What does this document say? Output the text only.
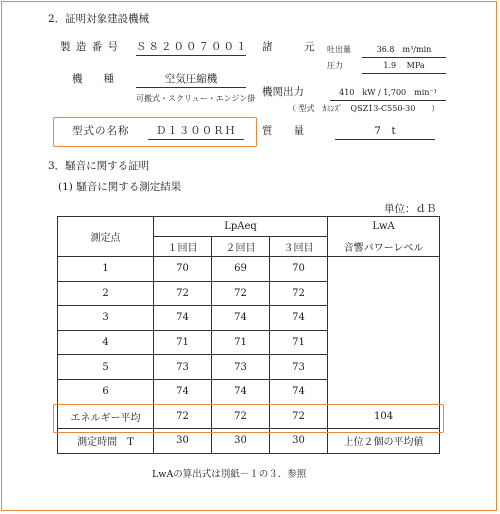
2．証明対象建設機械
製 造 番 号 Ｓ８２００７００１ 諸　　　元 吐出量	36.8　m³/min
圧力	1.9　 MPa
機　　種	空気圧縮機
可搬式・スクリュー・エンジン掛
機関出力	410　kW / 1,700　min⁻¹
（ 型式　ｶﾐﾝｽﾞ　QSZ13-C550-30　　）
型式の名称	Ｄ１３００ＲＨ	質　　量	7　t
3．騒音に関する証明
(1) 騒音に関する測定結果
単位：ｄＢ
測定点	LpAeq			LwA
	１回目	２回目	３回目	音響パワーレベル
1	70	69	70	
2	72	72	72	
3	74	74	74	
4	71	71	71	
5	73	73	73	
6	74	74	74	
エネルギー平均	72	72	72	104
測定時間　T	30	30	30	上位２個の平均値
LwAの算出式は別紙－１の３．参照
